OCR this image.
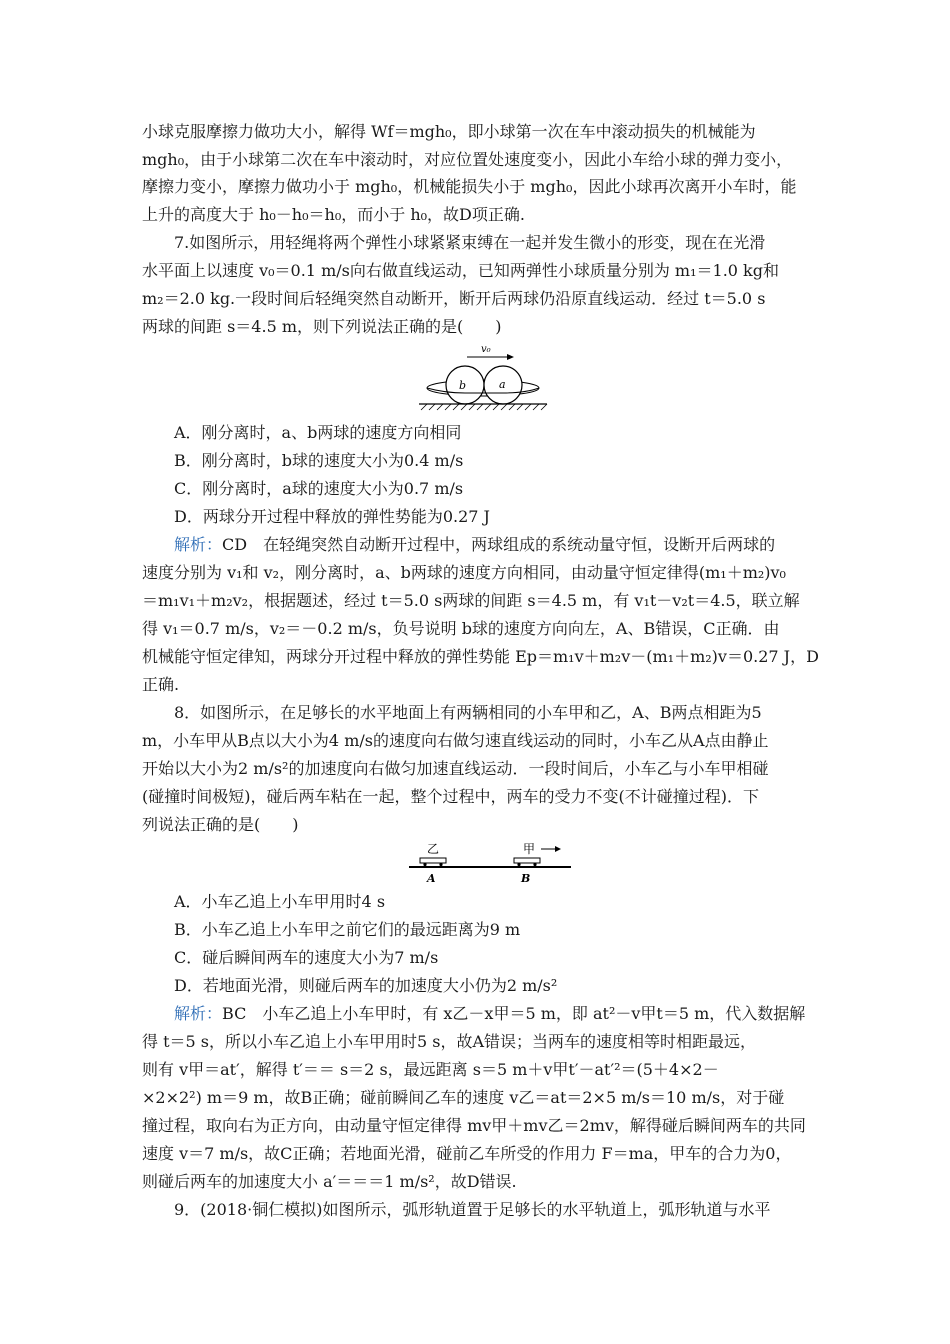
小球克服摩擦力做功大小，解得 Wf＝mgh₀，即小球第一次在车中滚动损失的机械能为
mgh₀，由于小球第二次在车中滚动时，对应位置处速度变小，因此小车给小球的弹力变小，
摩擦力变小，摩擦力做功小于 mgh₀，机械能损失小于 mgh₀，因此小球再次离开小车时，能
上升的高度大于 h₀－h₀＝h₀，而小于 h₀，故D项正确.
7.如图所示，用轻绳将两个弹性小球紧紧束缚在一起并发生微小的形变，现在在光滑
水平面上以速度 v₀＝0.1 m/s向右做直线运动，已知两弹性小球质量分别为 m₁＝1.0 kg和
m₂＝2.0 kg.一段时间后轻绳突然自动断开，断开后两球仍沿原直线运动．经过 t＝5.0 s
两球的间距 s＝4.5 m，则下列说法正确的是(　　)
v₀
b	a
A．刚分离时，a、b两球的速度方向相同
B．刚分离时，b球的速度大小为0.4 m/s
C．刚分离时，a球的速度大小为0.7 m/s
D．两球分开过程中释放的弹性势能为0.27 J
解析：CD　在轻绳突然自动断开过程中，两球组成的系统动量守恒，设断开后两球的
速度分别为 v₁和 v₂，刚分离时，a、b两球的速度方向相同，由动量守恒定律得(m₁＋m₂)v₀
＝m₁v₁＋m₂v₂，根据题述，经过 t＝5.0 s两球的间距 s＝4.5 m，有 v₁t－v₂t＝4.5，联立解
得 v₁＝0.7 m/s，v₂＝－0.2 m/s，负号说明 b球的速度方向向左，A、B错误，C正确．由
机械能守恒定律知，两球分开过程中释放的弹性势能 Ep＝m₁v＋m₂v－(m₁＋m₂)v＝0.27 J，D
正确.
8．如图所示，在足够长的水平地面上有两辆相同的小车甲和乙，A、B两点相距为5
m，小车甲从B点以大小为4 m/s的速度向右做匀速直线运动的同时，小车乙从A点由静止
开始以大小为2 m/s²的加速度向右做匀加速直线运动．一段时间后，小车乙与小车甲相碰
(碰撞时间极短)，碰后两车粘在一起，整个过程中，两车的受力不变(不计碰撞过程)．下
列说法正确的是(　　)
乙	甲
A	B
A．小车乙追上小车甲用时4 s
B．小车乙追上小车甲之前它们的最远距离为9 m
C．碰后瞬间两车的速度大小为7 m/s
D．若地面光滑，则碰后两车的加速度大小仍为2 m/s²
解析：BC　小车乙追上小车甲时，有 x乙－x甲＝5 m，即 at²－v甲t＝5 m，代入数据解
得 t＝5 s，所以小车乙追上小车甲用时5 s，故A错误；当两车的速度相等时相距最远，
则有 v甲＝at′，解得 t′＝＝ s＝2 s，最远距离 s＝5 m＋v甲t′－at′²＝(5＋4×2－
×2×2²) m＝9 m，故B正确；碰前瞬间乙车的速度 v乙＝at＝2×5 m/s＝10 m/s，对于碰
撞过程，取向右为正方向，由动量守恒定律得 mv甲＋mv乙＝2mv，解得碰后瞬间两车的共同
速度 v＝7 m/s，故C正确；若地面光滑，碰前乙车所受的作用力 F＝ma，甲车的合力为0，
则碰后两车的加速度大小 a′＝＝＝1 m/s²，故D错误.
9．(2018·铜仁模拟)如图所示，弧形轨道置于足够长的水平轨道上，弧形轨道与水平
